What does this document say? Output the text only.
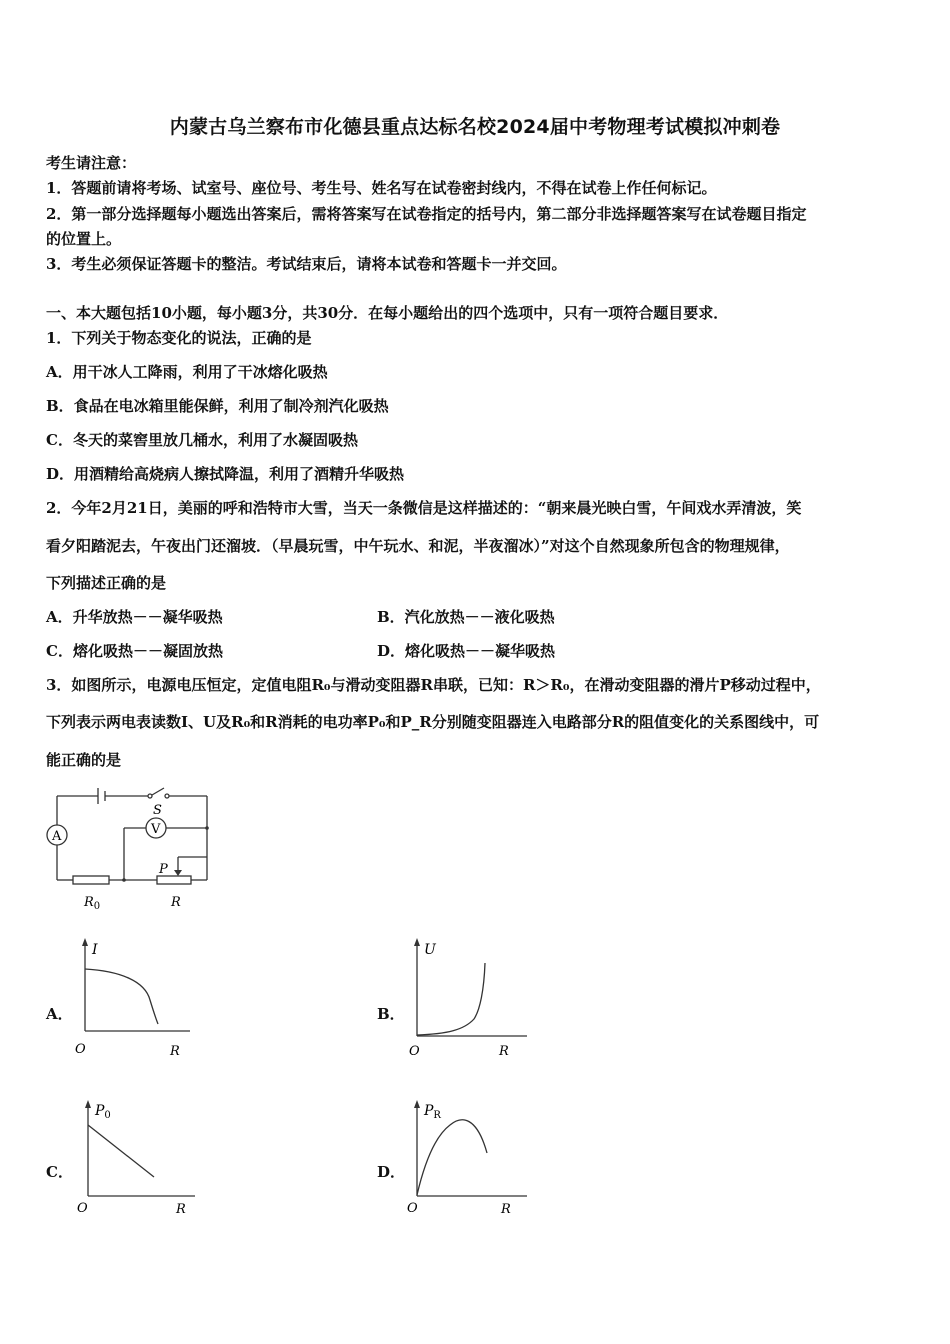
内蒙古乌兰察布市化德县重点达标名校2024届中考物理考试模拟冲刺卷
考生请注意：
1．答题前请将考场、试室号、座位号、考生号、姓名写在试卷密封线内，不得在试卷上作任何标记。
2．第一部分选择题每小题选出答案后，需将答案写在试卷指定的括号内，第二部分非选择题答案写在试卷题目指定
的位置上。
3．考生必须保证答题卡的整洁。考试结束后，请将本试卷和答题卡一并交回。
一、本大题包括10小题，每小题3分，共30分．在每小题给出的四个选项中，只有一项符合题目要求．
1．下列关于物态变化的说法，正确的是
A．用干冰人工降雨，利用了干冰熔化吸热
B．食品在电冰箱里能保鲜，利用了制冷剂汽化吸热
C．冬天的菜窖里放几桶水，利用了水凝固吸热
D．用酒精给高烧病人擦拭降温，利用了酒精升华吸热
2．今年2月21日，美丽的呼和浩特市大雪，当天一条微信是这样描述的：“朝来晨光映白雪，午间戏水弄清波，笑
看夕阳踏泥去，午夜出门还溜坡．（早晨玩雪，中午玩水、和泥，半夜溜冰）”对这个自然现象所包含的物理规律，
下列描述正确的是
A．升华放热－－凝华吸热	B．汽化放热－－液化吸热
C．熔化吸热－－凝固放热	D．熔化吸热－－凝华吸热
3．如图所示，电源电压恒定，定值电阻R₀与滑动变阻器R串联，已知：R＞R₀，在滑动变阻器的滑片P移动过程中，
下列表示两电表读数I、U及R₀和R消耗的电功率P₀和P_R分别随变阻器连入电路部分R的阻值变化的关系图线中，可
能正确的是
A	V
S
P
$R_0$	R
A．
I
O	R
B．
U
O	R
C．
$P_0$
O	R
D．
$P_R$
O	R
